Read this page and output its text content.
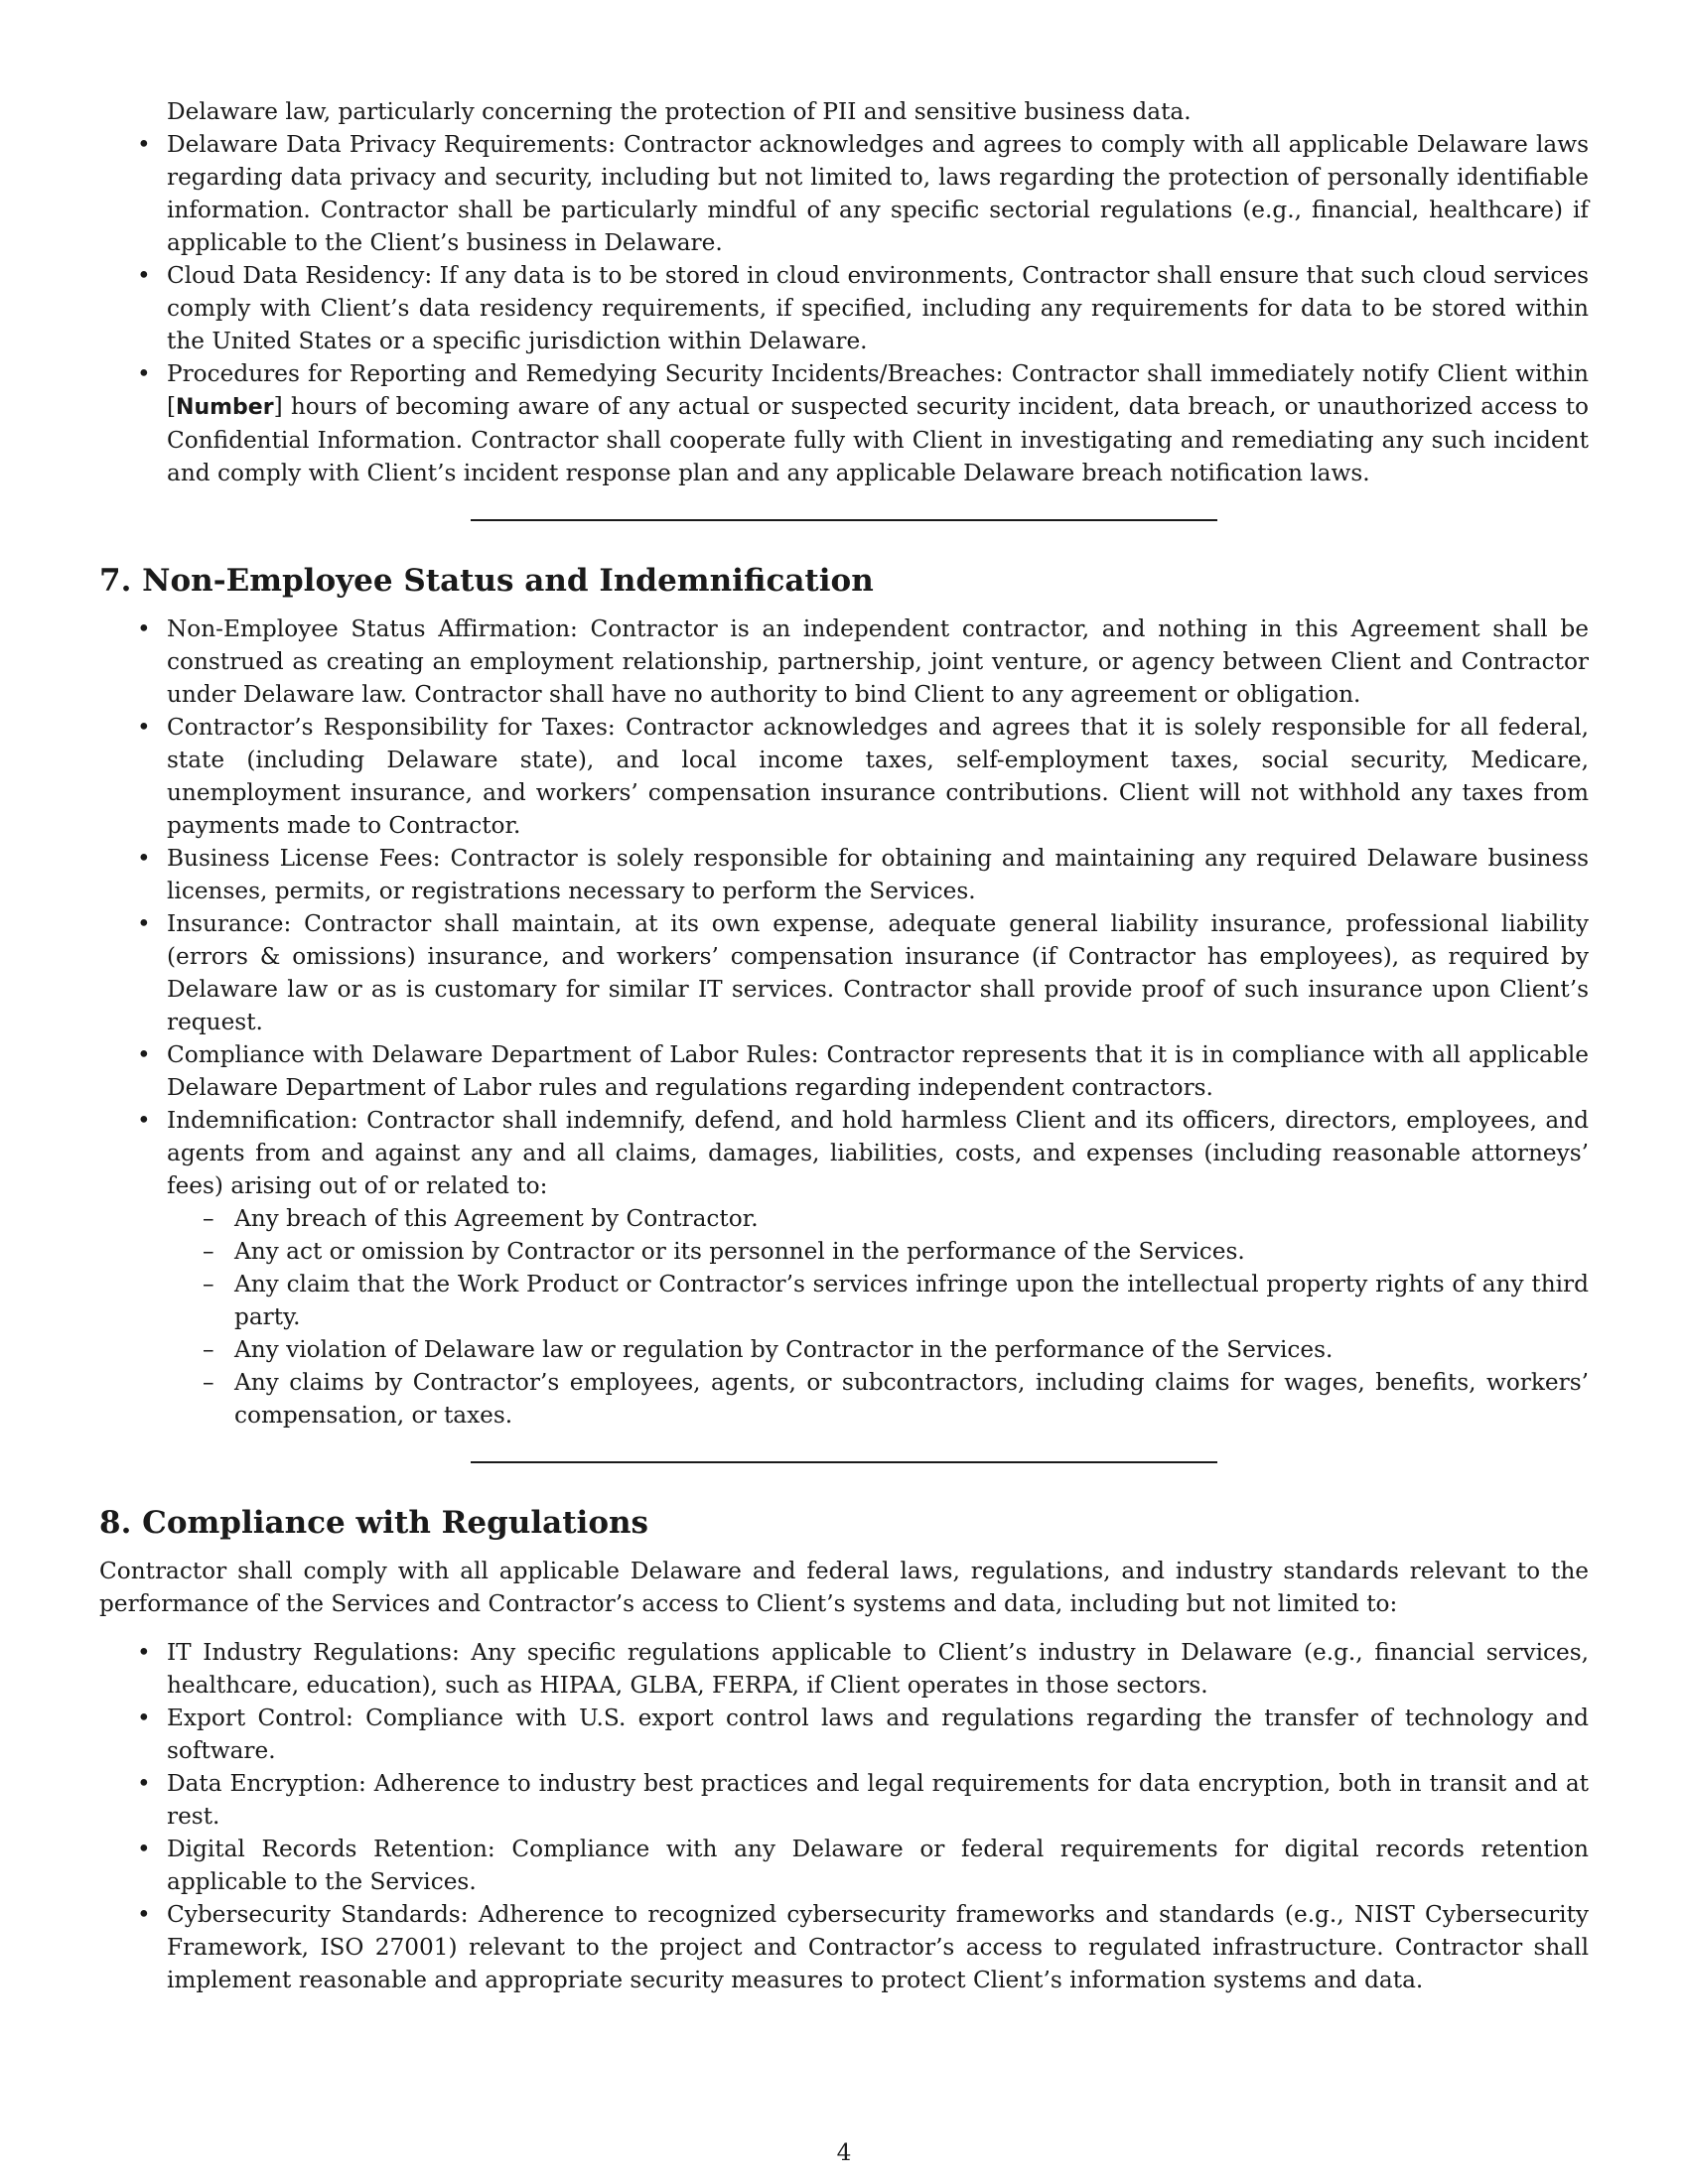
Delaware law, particularly concerning the protection of PII and sensitive business data.
• Delaware Data Privacy Requirements: Contractor acknowledges and agrees to comply with all applicable Delaware laws regarding data privacy and security, including but not limited to, laws regarding the protection of personally identifiable information. Contractor shall be particularly mindful of any specific sectorial regulations (e.g., financial, healthcare) if applicable to the Client’s business in Delaware.
• Cloud Data Residency: If any data is to be stored in cloud environments, Contractor shall ensure that such cloud services comply with Client’s data residency requirements, if specified, including any requirements for data to be stored within the United States or a specific jurisdiction within Delaware.
• Procedures for Reporting and Remedying Security Incidents/Breaches: Contractor shall immediately notify Client within [Number] hours of becoming aware of any actual or suspected security incident, data breach, or unauthorized access to Confidential Information. Contractor shall cooperate fully with Client in investigating and remediating any such incident and comply with Client’s incident response plan and any applicable Delaware breach notification laws.
7. Non-Employee Status and Indemnification
• Non-Employee Status Affirmation: Contractor is an independent contractor, and nothing in this Agreement shall be construed as creating an employment relationship, partnership, joint venture, or agency between Client and Contractor under Delaware law. Contractor shall have no authority to bind Client to any agreement or obligation.
• Contractor’s Responsibility for Taxes: Contractor acknowledges and agrees that it is solely responsible for all federal, state (including Delaware state), and local income taxes, self-employment taxes, social security, Medicare, unemployment insurance, and workers’ compensation insurance contributions. Client will not withhold any taxes from payments made to Contractor.
• Business License Fees: Contractor is solely responsible for obtaining and maintaining any required Delaware business licenses, permits, or registrations necessary to perform the Services.
• Insurance: Contractor shall maintain, at its own expense, adequate general liability insurance, professional liability (errors & omissions) insurance, and workers’ compensation insurance (if Contractor has employees), as required by Delaware law or as is customary for similar IT services. Contractor shall provide proof of such insurance upon Client’s request.
• Compliance with Delaware Department of Labor Rules: Contractor represents that it is in compliance with all applicable Delaware Department of Labor rules and regulations regarding independent contractors.
• Indemnification: Contractor shall indemnify, defend, and hold harmless Client and its officers, directors, employees, and agents from and against any and all claims, damages, liabilities, costs, and expenses (including reasonable attorneys’ fees) arising out of or related to:
– Any breach of this Agreement by Contractor.
– Any act or omission by Contractor or its personnel in the performance of the Services.
– Any claim that the Work Product or Contractor’s services infringe upon the intellectual property rights of any third party.
– Any violation of Delaware law or regulation by Contractor in the performance of the Services.
– Any claims by Contractor’s employees, agents, or subcontractors, including claims for wages, benefits, workers’ compensation, or taxes.
8. Compliance with Regulations

Contractor shall comply with all applicable Delaware and federal laws, regulations, and industry standards relevant to the performance of the Services and Contractor’s access to Client’s systems and data, including but not limited to:

• IT Industry Regulations: Any specific regulations applicable to Client’s industry in Delaware (e.g., financial services, healthcare, education), such as HIPAA, GLBA, FERPA, if Client operates in those sectors.
• Export Control: Compliance with U.S. export control laws and regulations regarding the transfer of technology and software.
• Data Encryption: Adherence to industry best practices and legal requirements for data encryption, both in transit and at rest.
• Digital Records Retention: Compliance with any Delaware or federal requirements for digital records retention applicable to the Services.
• Cybersecurity Standards: Adherence to recognized cybersecurity frameworks and standards (e.g., NIST Cybersecurity Framework, ISO 27001) relevant to the project and Contractor’s access to regulated infrastructure. Contractor shall implement reasonable and appropriate security measures to protect Client’s information systems and data.
4
